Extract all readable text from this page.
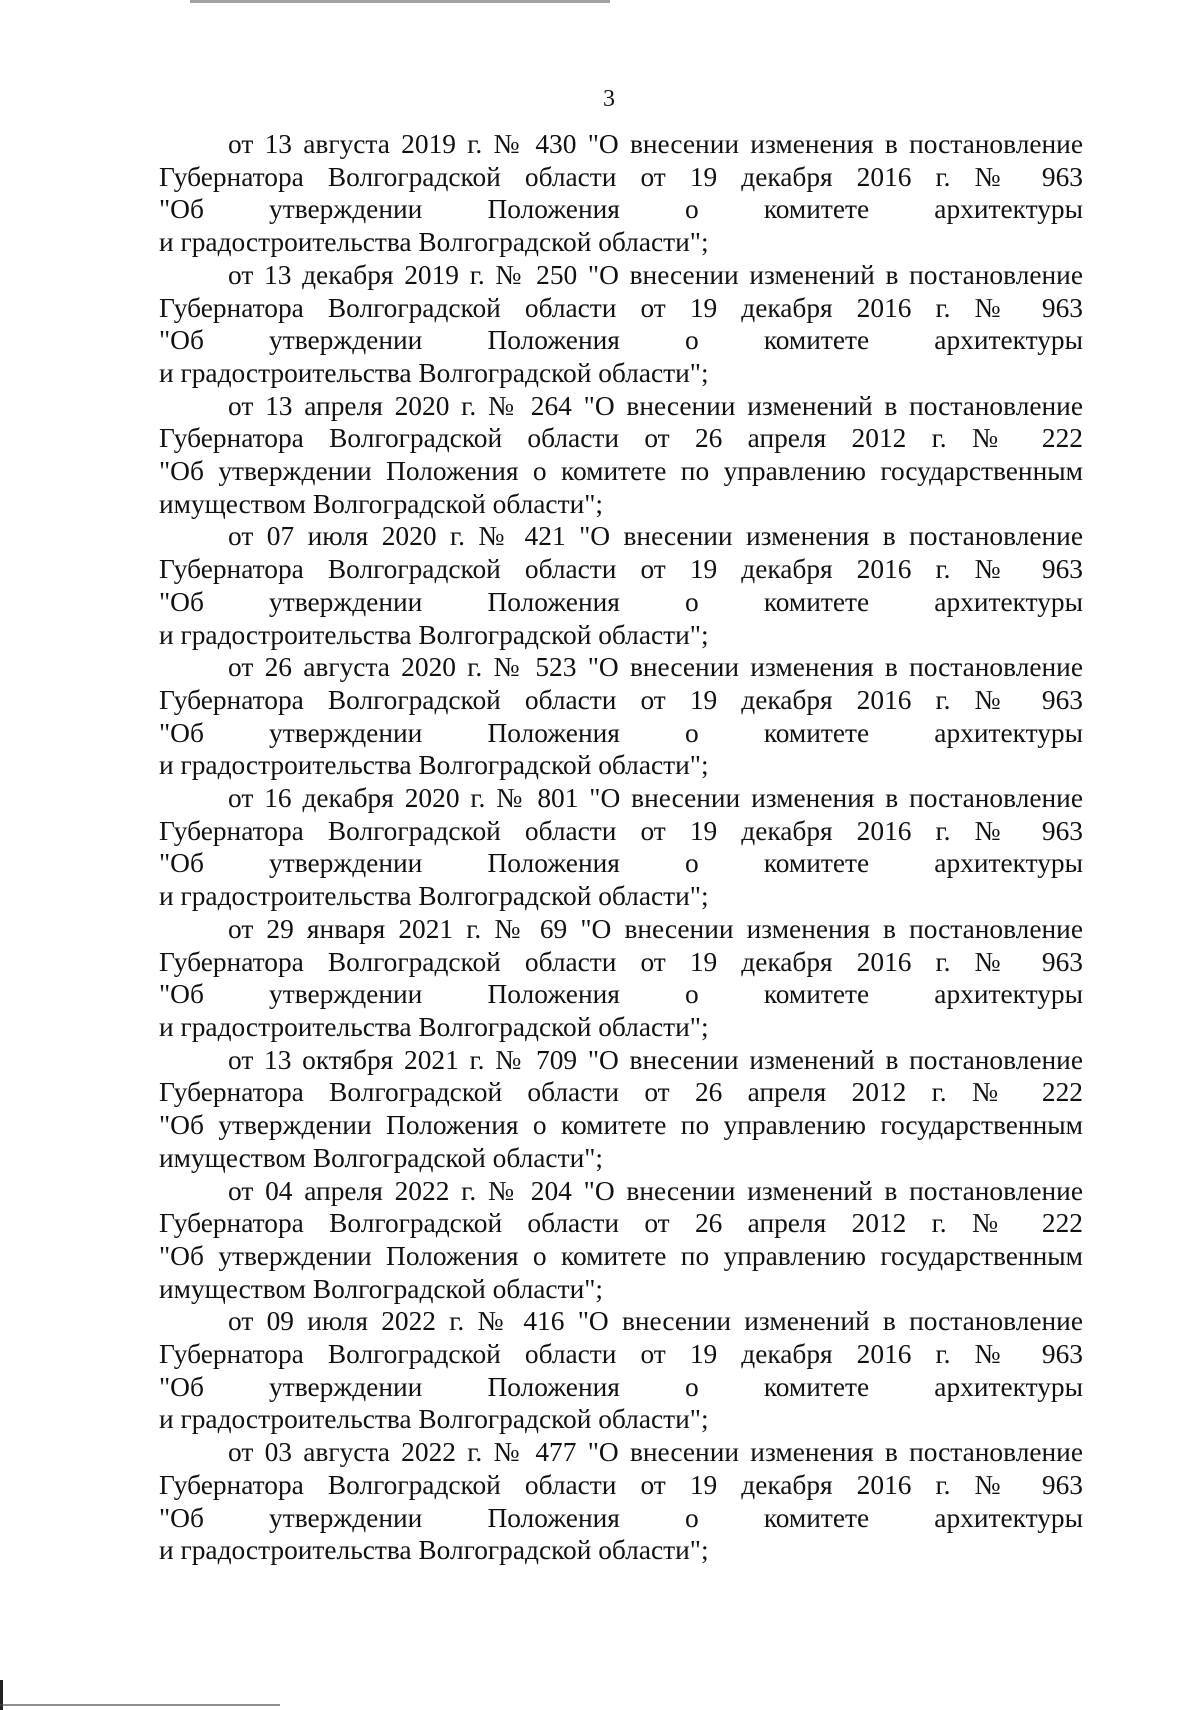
3
от 13 августа 2019 г. № 430 "О внесении изменения в постановление
Губернатора Волгоградской области от 19 декабря 2016 г. № 963
"Об утверждении Положения о комитете архитектуры
и градостроительства Волгоградской области";
от 13 декабря 2019 г. № 250 "О внесении изменений в постановление
Губернатора Волгоградской области от 19 декабря 2016 г. № 963
"Об утверждении Положения о комитете архитектуры
и градостроительства Волгоградской области";
от 13 апреля 2020 г. № 264 "О внесении изменений в постановление
Губернатора Волгоградской области от 26 апреля 2012 г. № 222
"Об утверждении Положения о комитете по управлению государственным
имуществом Волгоградской области";
от 07 июля 2020 г. № 421 "О внесении изменения в постановление
Губернатора Волгоградской области от 19 декабря 2016 г. № 963
"Об утверждении Положения о комитете архитектуры
и градостроительства Волгоградской области";
от 26 августа 2020 г. № 523 "О внесении изменения в постановление
Губернатора Волгоградской области от 19 декабря 2016 г. № 963
"Об утверждении Положения о комитете архитектуры
и градостроительства Волгоградской области";
от 16 декабря 2020 г. № 801 "О внесении изменения в постановление
Губернатора Волгоградской области от 19 декабря 2016 г. № 963
"Об утверждении Положения о комитете архитектуры
и градостроительства Волгоградской области";
от 29 января 2021 г. № 69 "О внесении изменения в постановление
Губернатора Волгоградской области от 19 декабря 2016 г. № 963
"Об утверждении Положения о комитете архитектуры
и градостроительства Волгоградской области";
от 13 октября 2021 г. № 709 "О внесении изменений в постановление
Губернатора Волгоградской области от 26 апреля 2012 г. № 222
"Об утверждении Положения о комитете по управлению государственным
имуществом Волгоградской области";
от 04 апреля 2022 г. № 204 "О внесении изменений в постановление
Губернатора Волгоградской области от 26 апреля 2012 г. № 222
"Об утверждении Положения о комитете по управлению государственным
имуществом Волгоградской области";
от 09 июля 2022 г. № 416 "О внесении изменений в постановление
Губернатора Волгоградской области от 19 декабря 2016 г. № 963
"Об утверждении Положения о комитете архитектуры
и градостроительства Волгоградской области";
от 03 августа 2022 г. № 477 "О внесении изменения в постановление
Губернатора Волгоградской области от 19 декабря 2016 г. № 963
"Об утверждении Положения о комитете архитектуры
и градостроительства Волгоградской области";
